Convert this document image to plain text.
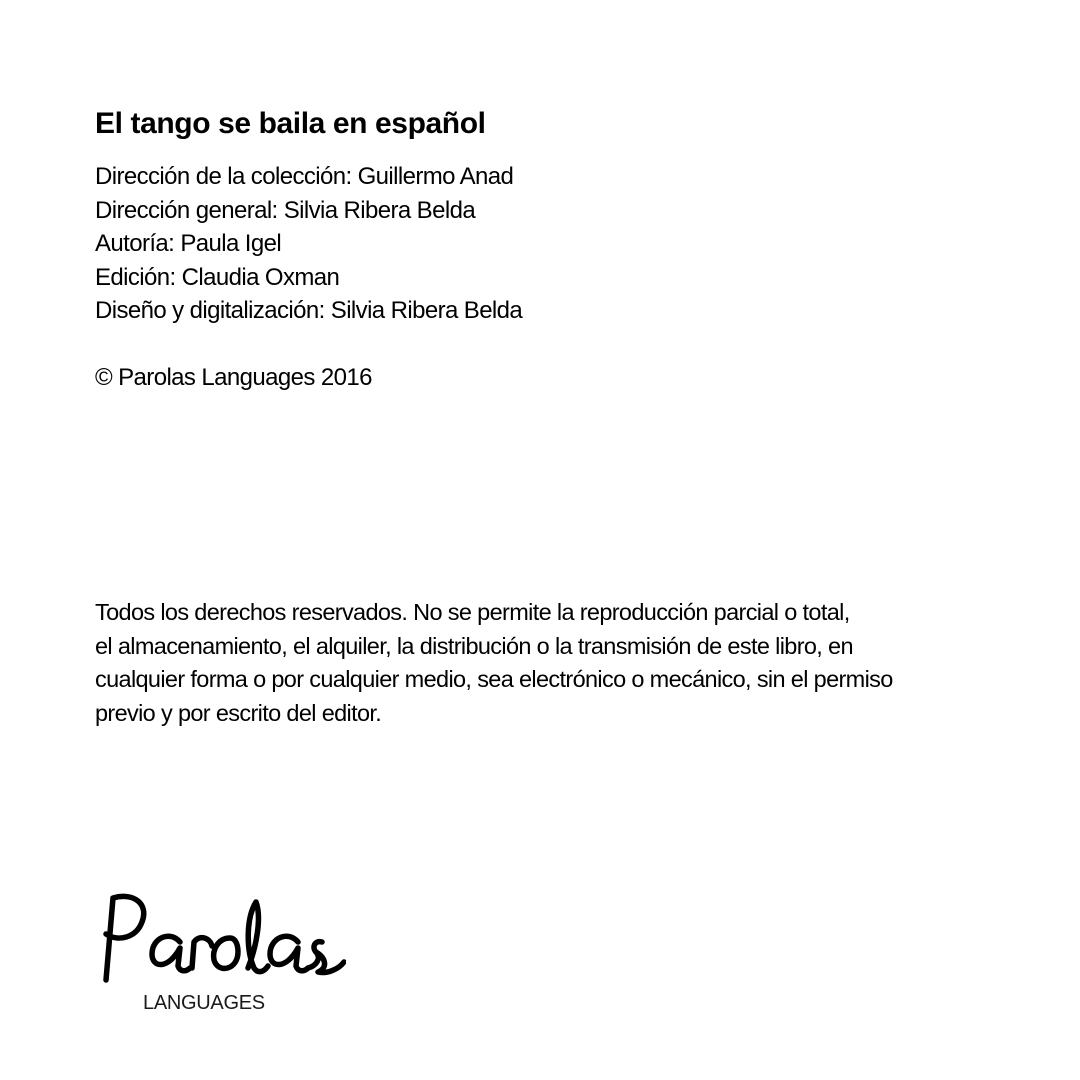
El tango se baila en español
Dirección de la colección: Guillermo Anad
Dirección general: Silvia Ribera Belda
Autoría: Paula Igel
Edición: Claudia Oxman
Diseño y digitalización: Silvia Ribera Belda

© Parolas Languages 2016

Todos los derechos reservados. No se permite la reproducción parcial o total,
el almacenamiento, el alquiler, la distribución o la transmisión de este libro, en
cualquier forma o por cualquier medio, sea electrónico o mecánico, sin el permiso
previo y por escrito del editor.

LANGUAGES
